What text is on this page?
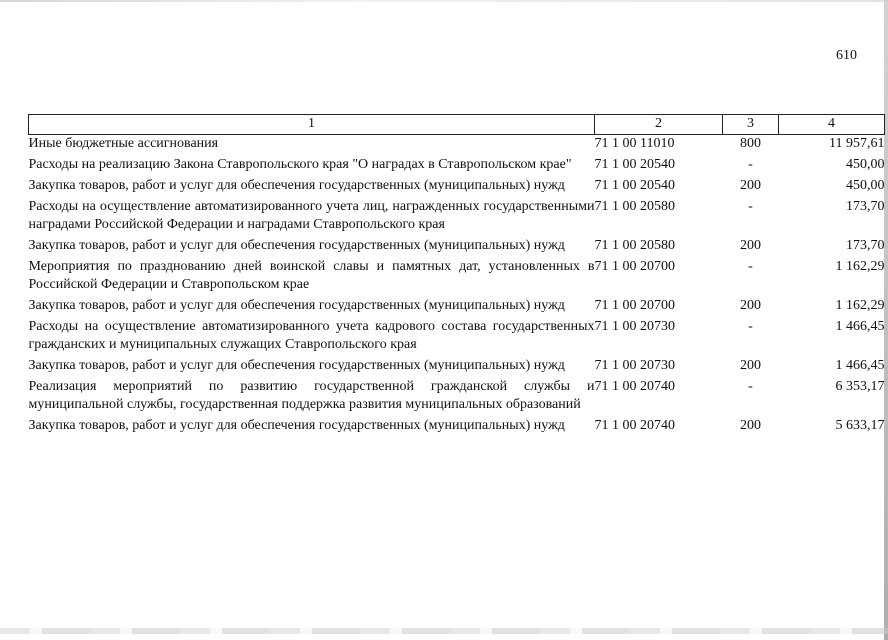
610
1	2	3	4
Иные бюджетные ассигнования	71 1 00 11010	800	11 957,61
Расходы на реализацию Закона Ставропольского края "О наградах в Ставропольском крае"	71 1 00 20540	-	450,00
Закупка товаров, работ и услуг для обеспечения государственных (муниципальных) нужд	71 1 00 20540	200	450,00
Расходы на осуществление автоматизированного учета лиц, награжденных государственными наградами Российской Федерации и наградами Ставропольского края	71 1 00 20580	-	173,70
Закупка товаров, работ и услуг для обеспечения государственных (муниципальных) нужд	71 1 00 20580	200	173,70
Мероприятия по празднованию дней воинской славы и памятных дат, установленных в Российской Федерации и Ставропольском крае	71 1 00 20700	-	1 162,29
Закупка товаров, работ и услуг для обеспечения государственных (муниципальных) нужд	71 1 00 20700	200	1 162,29
Расходы на осуществление автоматизированного учета кадрового состава государственных гражданских и муниципальных служащих Ставропольского края	71 1 00 20730	-	1 466,45
Закупка товаров, работ и услуг для обеспечения государственных (муниципальных) нужд	71 1 00 20730	200	1 466,45
Реализация мероприятий по развитию государственной гражданской службы и муниципальной службы, государственная поддержка развития муниципальных образований	71 1 00 20740	-	6 353,17
Закупка товаров, работ и услуг для обеспечения государственных (муниципальных) нужд	71 1 00 20740	200	5 633,17
